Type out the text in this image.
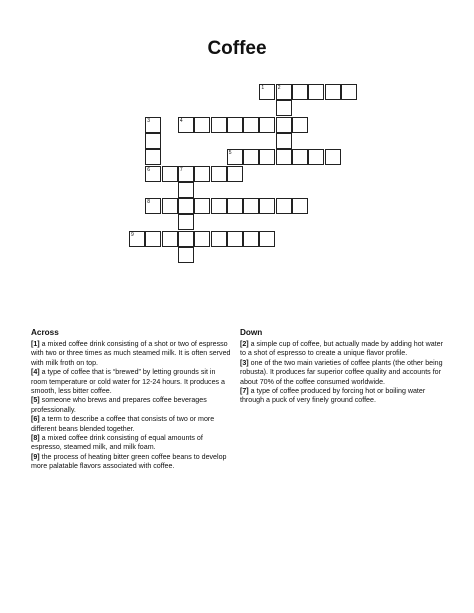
Coffee
1	2
3	4
5
6	7
8
9
Across

[1] a mixed coffee drink consisting of a shot or two of espresso with two or three times as much steamed milk. It is often served with milk froth on top.

[4] a type of coffee that is “brewed” by letting grounds sit in room temperature or cold water for 12-24 hours. It produces a smooth, less bitter coffee.

[5] someone who brews and prepares coffee beverages professionally.

[6] a term to describe a coffee that consists of two or more different beans blended together.

[8] a mixed coffee drink consisting of equal amounts of espresso, steamed milk, and milk foam.

[9] the process of heating bitter green coffee beans to develop more palatable flavors associated with coffee.

Down

[2] a simple cup of coffee, but actually made by adding hot water to a shot of espresso to create a unique flavor profile.

[3] one of the two main varieties of coffee plants (the other being robusta). It produces far superior coffee quality and accounts for about 70% of the coffee consumed worldwide.

[7] a type of coffee produced by forcing hot or boiling water through a puck of very finely ground coffee.
